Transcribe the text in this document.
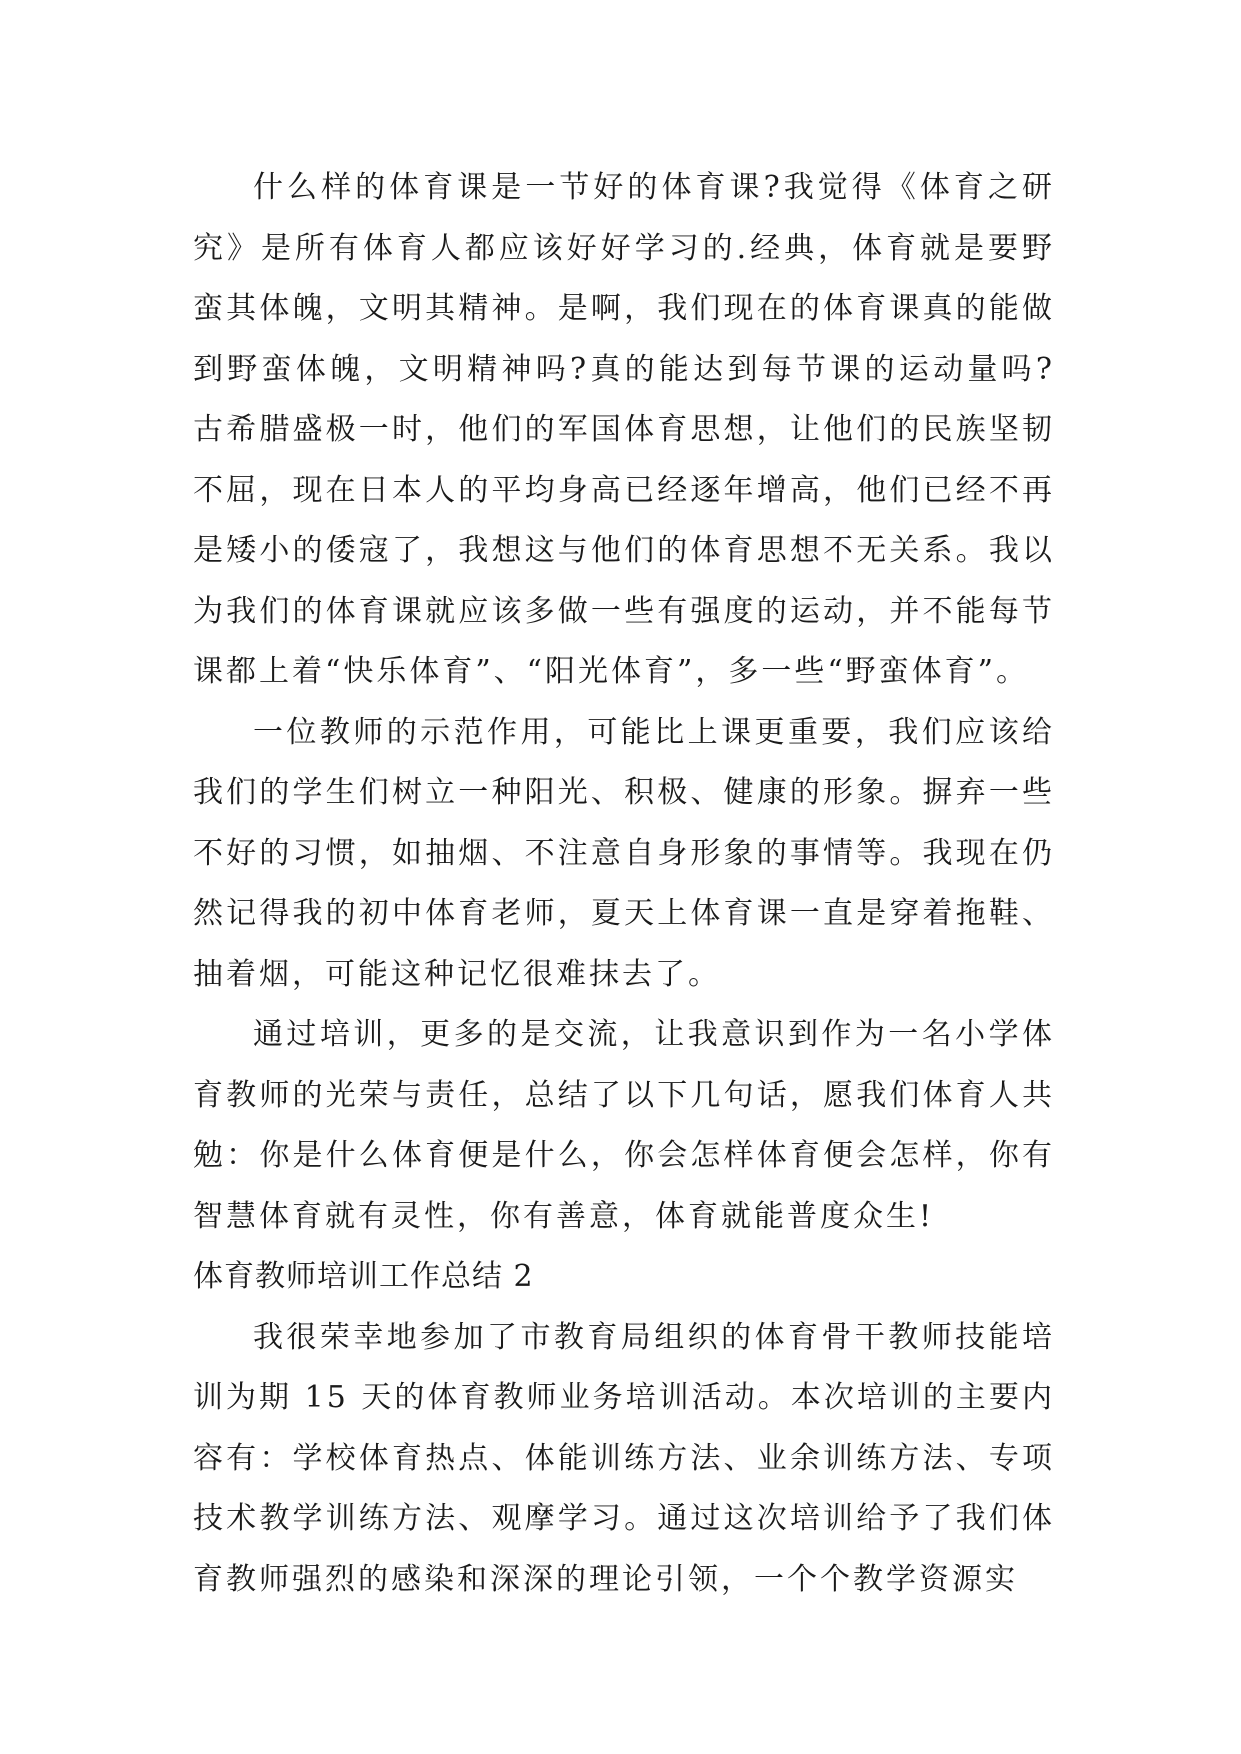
什么样的体育课是一节好的体育课?我觉得《体育之研究》是所有体育人都应该好好学习的.经典，体育就是要野蛮其体魄，文明其精神。是啊，我们现在的体育课真的能做到野蛮体魄，文明精神吗?真的能达到每节课的运动量吗?古希腊盛极一时，他们的军国体育思想，让他们的民族坚韧不屈，现在日本人的平均身高已经逐年增高，他们已经不再是矮小的倭寇了，我想这与他们的体育思想不无关系。我以为我们的体育课就应该多做一些有强度的运动，并不能每节课都上着“快乐体育”、“阳光体育”，多一些“野蛮体育”。

一位教师的示范作用，可能比上课更重要，我们应该给我们的学生们树立一种阳光、积极、健康的形象。摒弃一些不好的习惯，如抽烟、不注意自身形象的事情等。我现在仍然记得我的初中体育老师，夏天上体育课一直是穿着拖鞋、抽着烟，可能这种记忆很难抹去了。

通过培训，更多的是交流，让我意识到作为一名小学体育教师的光荣与责任，总结了以下几句话，愿我们体育人共勉：你是什么体育便是什么，你会怎样体育便会怎样，你有智慧体育就有灵性，你有善意，体育就能普度众生!

体育教师培训工作总结 2

我很荣幸地参加了市教育局组织的体育骨干教师技能培训为期 15 天的体育教师业务培训活动。本次培训的主要内容有：学校体育热点、体能训练方法、业余训练方法、专项技术教学训练方法、观摩学习。通过这次培训给予了我们体育教师强烈的感染和深深的理论引领，一个个教学资源实
